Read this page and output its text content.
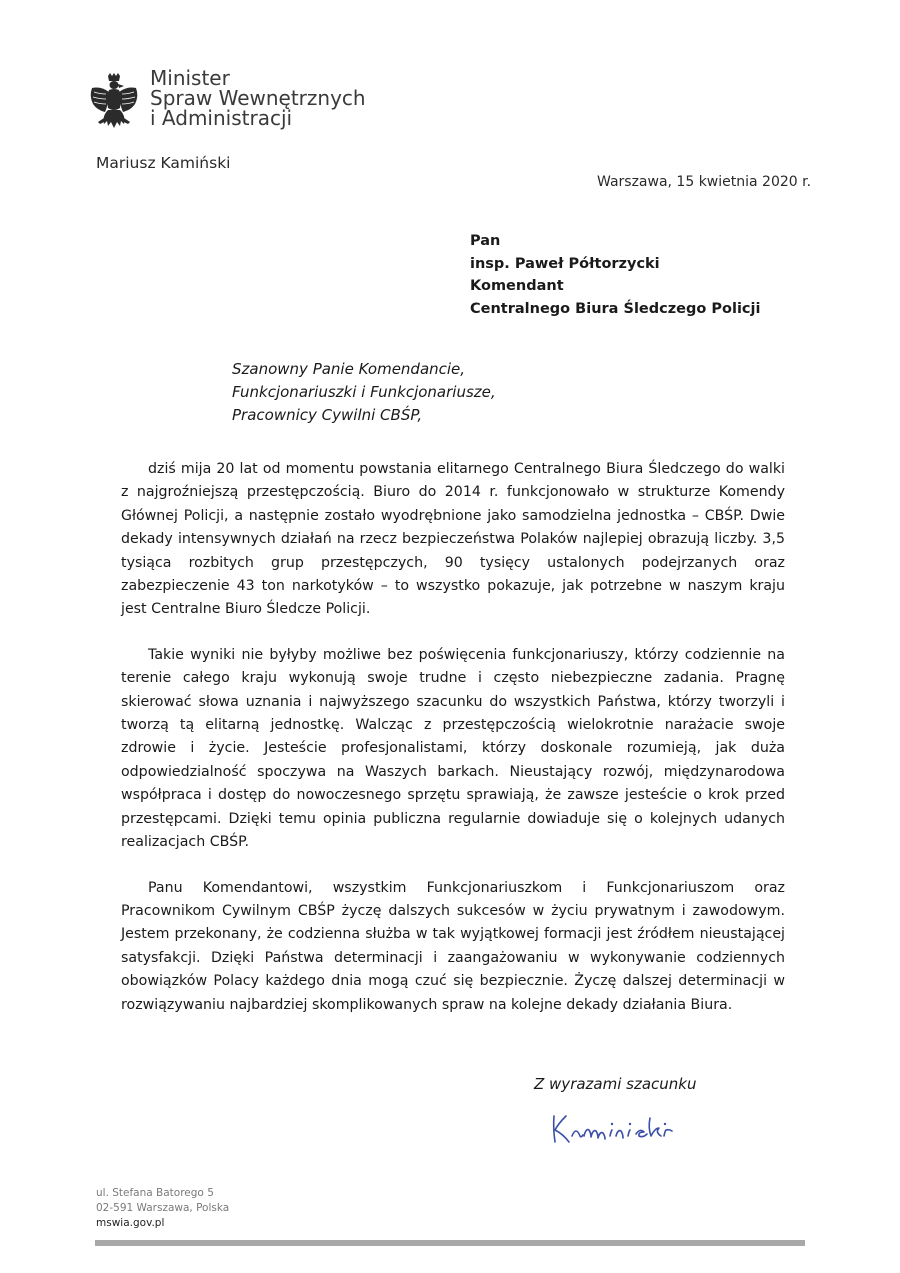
Minister
Spraw Wewnętrznych
i Administracji
Mariusz Kamiński
Warszawa, 15 kwietnia 2020 r.
Pan
insp. Paweł Półtorzycki
Komendant
Centralnego Biura Śledczego Policji
Szanowny Panie Komendancie,
Funkcjonariuszki i Funkcjonariusze,
Pracownicy Cywilni CBŚP,

dziś mija 20 lat od momentu powstania elitarnego Centralnego Biura Śledczego do walki z najgroźniejszą przestępczością. Biuro do 2014 r. funkcjonowało w strukturze Komendy Głównej Policji, a następnie zostało wyodrębnione jako samodzielna jednostka – CBŚP. Dwie dekady intensywnych działań na rzecz bezpieczeństwa Polaków najlepiej obrazują liczby. 3,5 tysiąca rozbitych grup przestępczych, 90 tysięcy ustalonych podejrzanych oraz zabezpieczenie 43 ton narkotyków – to wszystko pokazuje, jak potrzebne w naszym kraju jest Centralne Biuro Śledcze Policji.

Takie wyniki nie byłyby możliwe bez poświęcenia funkcjonariuszy, którzy codziennie na terenie całego kraju wykonują swoje trudne i często niebezpieczne zadania. Pragnę skierować słowa uznania i najwyższego szacunku do wszystkich Państwa, którzy tworzyli i tworzą tą elitarną jednostkę. Walcząc z przestępczością wielokrotnie narażacie swoje zdrowie i życie. Jesteście profesjonalistami, którzy doskonale rozumieją, jak duża odpowiedzialność spoczywa na Waszych barkach. Nieustający rozwój, międzynarodowa współpraca i dostęp do nowoczesnego sprzętu sprawiają, że zawsze jesteście o krok przed przestępcami. Dzięki temu opinia publiczna regularnie dowiaduje się o kolejnych udanych realizacjach CBŚP.

Panu Komendantowi, wszystkim Funkcjonariuszkom i Funkcjonariuszom oraz Pracownikom Cywilnym CBŚP życzę dalszych sukcesów w życiu prywatnym i zawodowym. Jestem przekonany, że codzienna służba w tak wyjątkowej formacji jest źródłem nieustającej satysfakcji. Dzięki Państwa determinacji i zaangażowaniu w wykonywanie codziennych obowiązków Polacy każdego dnia mogą czuć się bezpiecznie. Życzę dalszej determinacji w rozwiązywaniu najbardziej skomplikowanych spraw na kolejne dekady działania Biura.

Z wyrazami szacunku
ul. Stefana Batorego 5
02-591 Warszawa, Polska
mswia.gov.pl
